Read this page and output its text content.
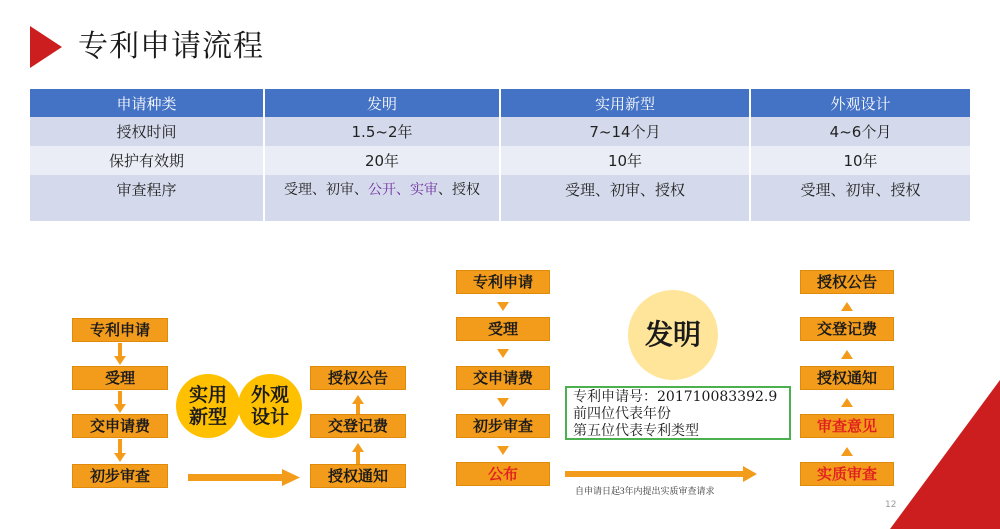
专利申请流程
申请种类	发明	实用新型	外观设计
授权时间	1.5~2年	7~14个月	4~6个月
保护有效期	20年	10年	10年
审查程序	受理、初审、公开、实审、授权	受理、初审、授权	受理、初审、授权
专利申请
受理
交申请费
初步审查
实用
新型
外观
设计
授权公告
交登记费
授权通知
专利申请
受理
交申请费
初步审查
公布
发明
专利申请号：201710083392.9
前四位代表年份
第五位代表专利类型
自申请日起3年内提出实质审查请求
授权公告
交登记费
授权通知
审查意见
实质审查
12
